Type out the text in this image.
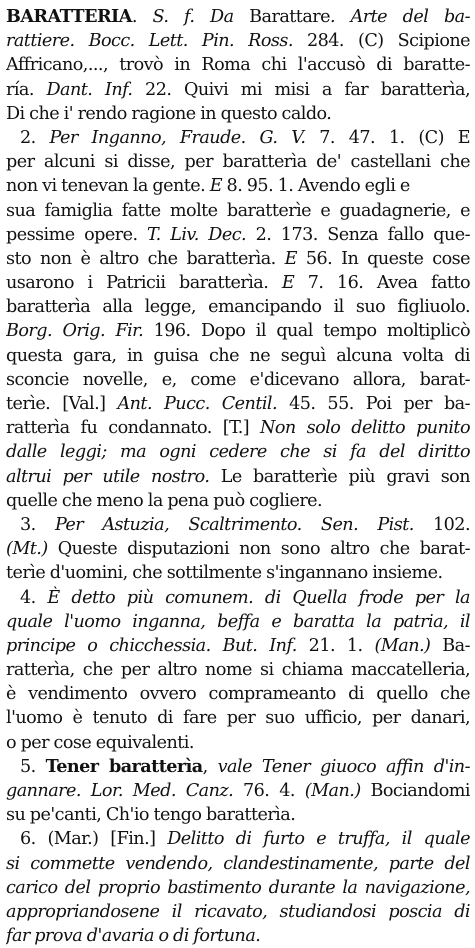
BARATTERIA. S. f. Da Barattare. Arte del ba-
rattiere. Bocc. Lett. Pin. Ross. 284. (C) Scipione
Affricano,..., trovò in Roma chi l'accusò di baratte-
ría. Dant. Inf. 22. Quivi mi misi a far baratterìa,
Di che i' rendo ragione in questo caldo.
2. Per Inganno, Fraude. G. V. 7. 47. 1. (C) E
per alcuni si disse, per baratterìa de' castellani che
non vi tenevan la gente. E 8. 95. 1. Avendo egli e
sua famiglia fatte molte baratterìe e guadagnerie, e
pessime opere. T. Liv. Dec. 2. 173. Senza fallo que-
sto non è altro che baratterìa. E 56. In queste cose
usarono i Patricii baratterìa. E 7. 16. Avea fatto
baratterìa alla legge, emancipando il suo figliuolo.
Borg. Orig. Fir. 196. Dopo il qual tempo moltiplicò
questa gara, in guisa che ne seguì alcuna volta di
sconcie novelle, e, come e'dicevano allora, barat-
terìe. [Val.] Ant. Pucc. Centil. 45. 55. Poi per ba-
ratterìa fu condannato. [T.] Non solo delitto punito
dalle leggi; ma ogni cedere che si fa del diritto
altrui per utile nostro. Le baratterìe più gravi son
quelle che meno la pena può cogliere.
3. Per Astuzia, Scaltrimento. Sen. Pist. 102.
(Mt.) Queste disputazioni non sono altro che barat-
terìe d'uomini, che sottilmente s'ingannano insieme.
4. È detto più comunem. di Quella frode per la
quale l'uomo inganna, beffa e baratta la patria, il
principe o chicchessia. But. Inf. 21. 1. (Man.) Ba-
ratterìa, che per altro nome si chiama maccatelleria,
è vendimento ovvero comprameanto di quello che
l'uomo è tenuto di fare per suo ufficio, per danari,
o per cose equivalenti.
5. Tener baratterìa, vale Tener giuoco affin d'in-
gannare. Lor. Med. Canz. 76. 4. (Man.) Bociandomi
su pe'canti, Ch'io tengo baratterìa.
6. (Mar.) [Fin.] Delitto di furto e truffa, il quale
si commette vendendo, clandestinamente, parte del
carico del proprio bastimento durante la navigazione,
appropriandosene il ricavato, studiandosi poscia di
far prova d'avaria o di fortuna.
